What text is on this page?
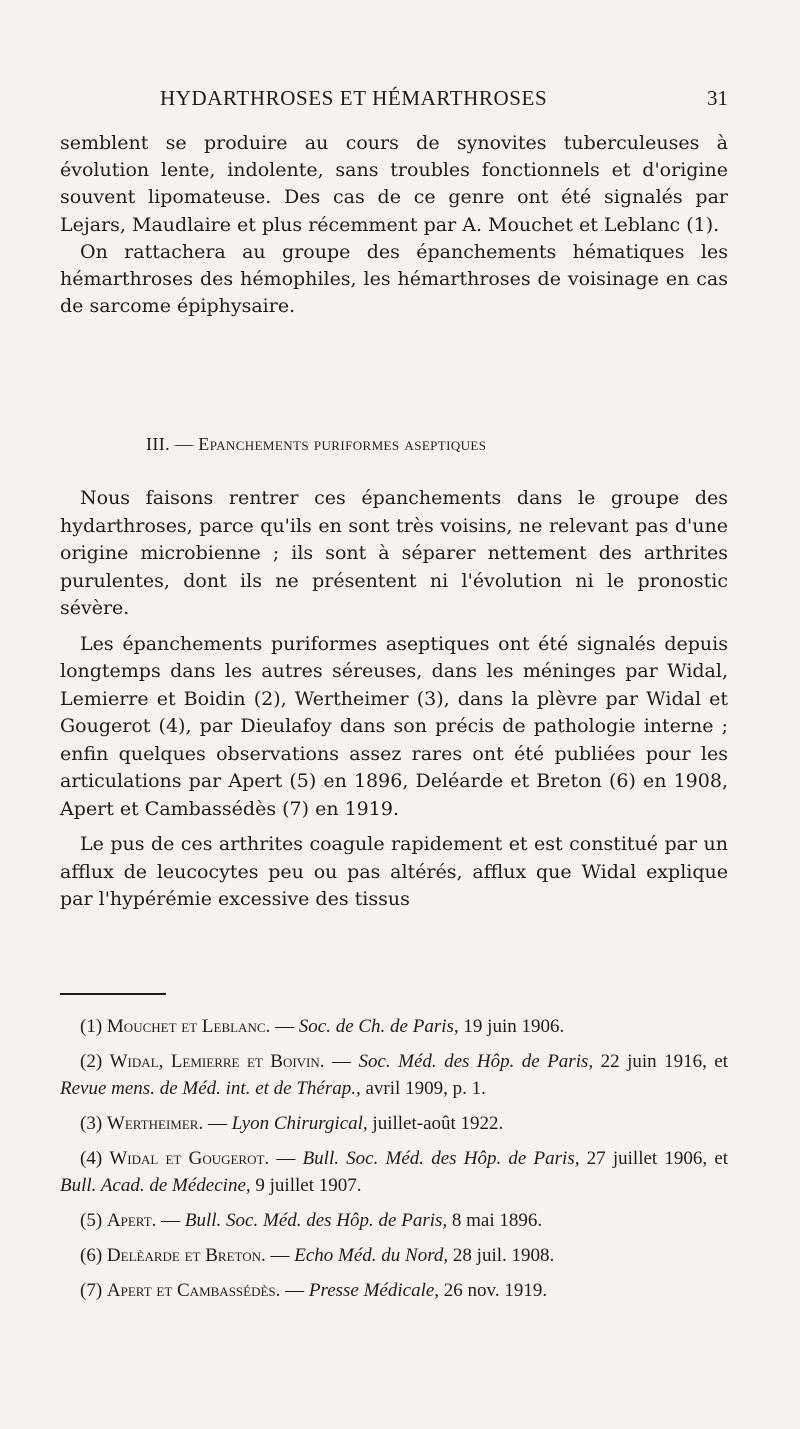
HYDARTHROSES ET HÉMARTHROSES	31

semblent se produire au cours de synovites tuberculeuses à évolution lente, indolente, sans troubles fonctionnels et d'origine souvent lipomateuse. Des cas de ce genre ont été signalés par Lejars, Maudlaire et plus récemment par A. Mouchet et Leblanc (1).

On rattachera au groupe des épanchements hématiques les hémarthroses des hémophiles, les hémarthroses de voisinage en cas de sarcome épiphysaire.

III. — Epanchements puriformes aseptiques

Nous faisons rentrer ces épanchements dans le groupe des hydarthroses, parce qu'ils en sont très voisins, ne relevant pas d'une origine microbienne ; ils sont à séparer nettement des arthrites purulentes, dont ils ne présentent ni l'évolution ni le pronostic sévère.

Les épanchements puriformes aseptiques ont été signalés depuis longtemps dans les autres séreuses, dans les méninges par Widal, Lemierre et Boidin (2), Wertheimer (3), dans la plèvre par Widal et Gougerot (4), par Dieulafoy dans son précis de pathologie interne ; enfin quelques observations assez rares ont été publiées pour les articulations par Apert (5) en 1896, Deléarde et Breton (6) en 1908, Apert et Cambassédès (7) en 1919.

Le pus de ces arthrites coagule rapidement et est constitué par un afflux de leucocytes peu ou pas altérés, afflux que Widal explique par l'hypérémie excessive des tissus

(1) Mouchet et Leblanc. — Soc. de Ch. de Paris, 19 juin 1906.

(2) Widal, Lemierre et Boivin. — Soc. Méd. des Hôp. de Paris, 22 juin 1916, et Revue mens. de Méd. int. et de Thérap., avril 1909, p. 1.

(3) Wertheimer. — Lyon Chirurgical, juillet-août 1922.

(4) Widal et Gougerot. — Bull. Soc. Méd. des Hôp. de Paris, 27 juillet 1906, et Bull. Acad. de Médecine, 9 juillet 1907.

(5) Apert. — Bull. Soc. Méd. des Hôp. de Paris, 8 mai 1896.

(6) Delèarde et Breton. — Echo Méd. du Nord, 28 juil. 1908.

(7) Apert et Cambassédès. — Presse Médicale, 26 nov. 1919.
